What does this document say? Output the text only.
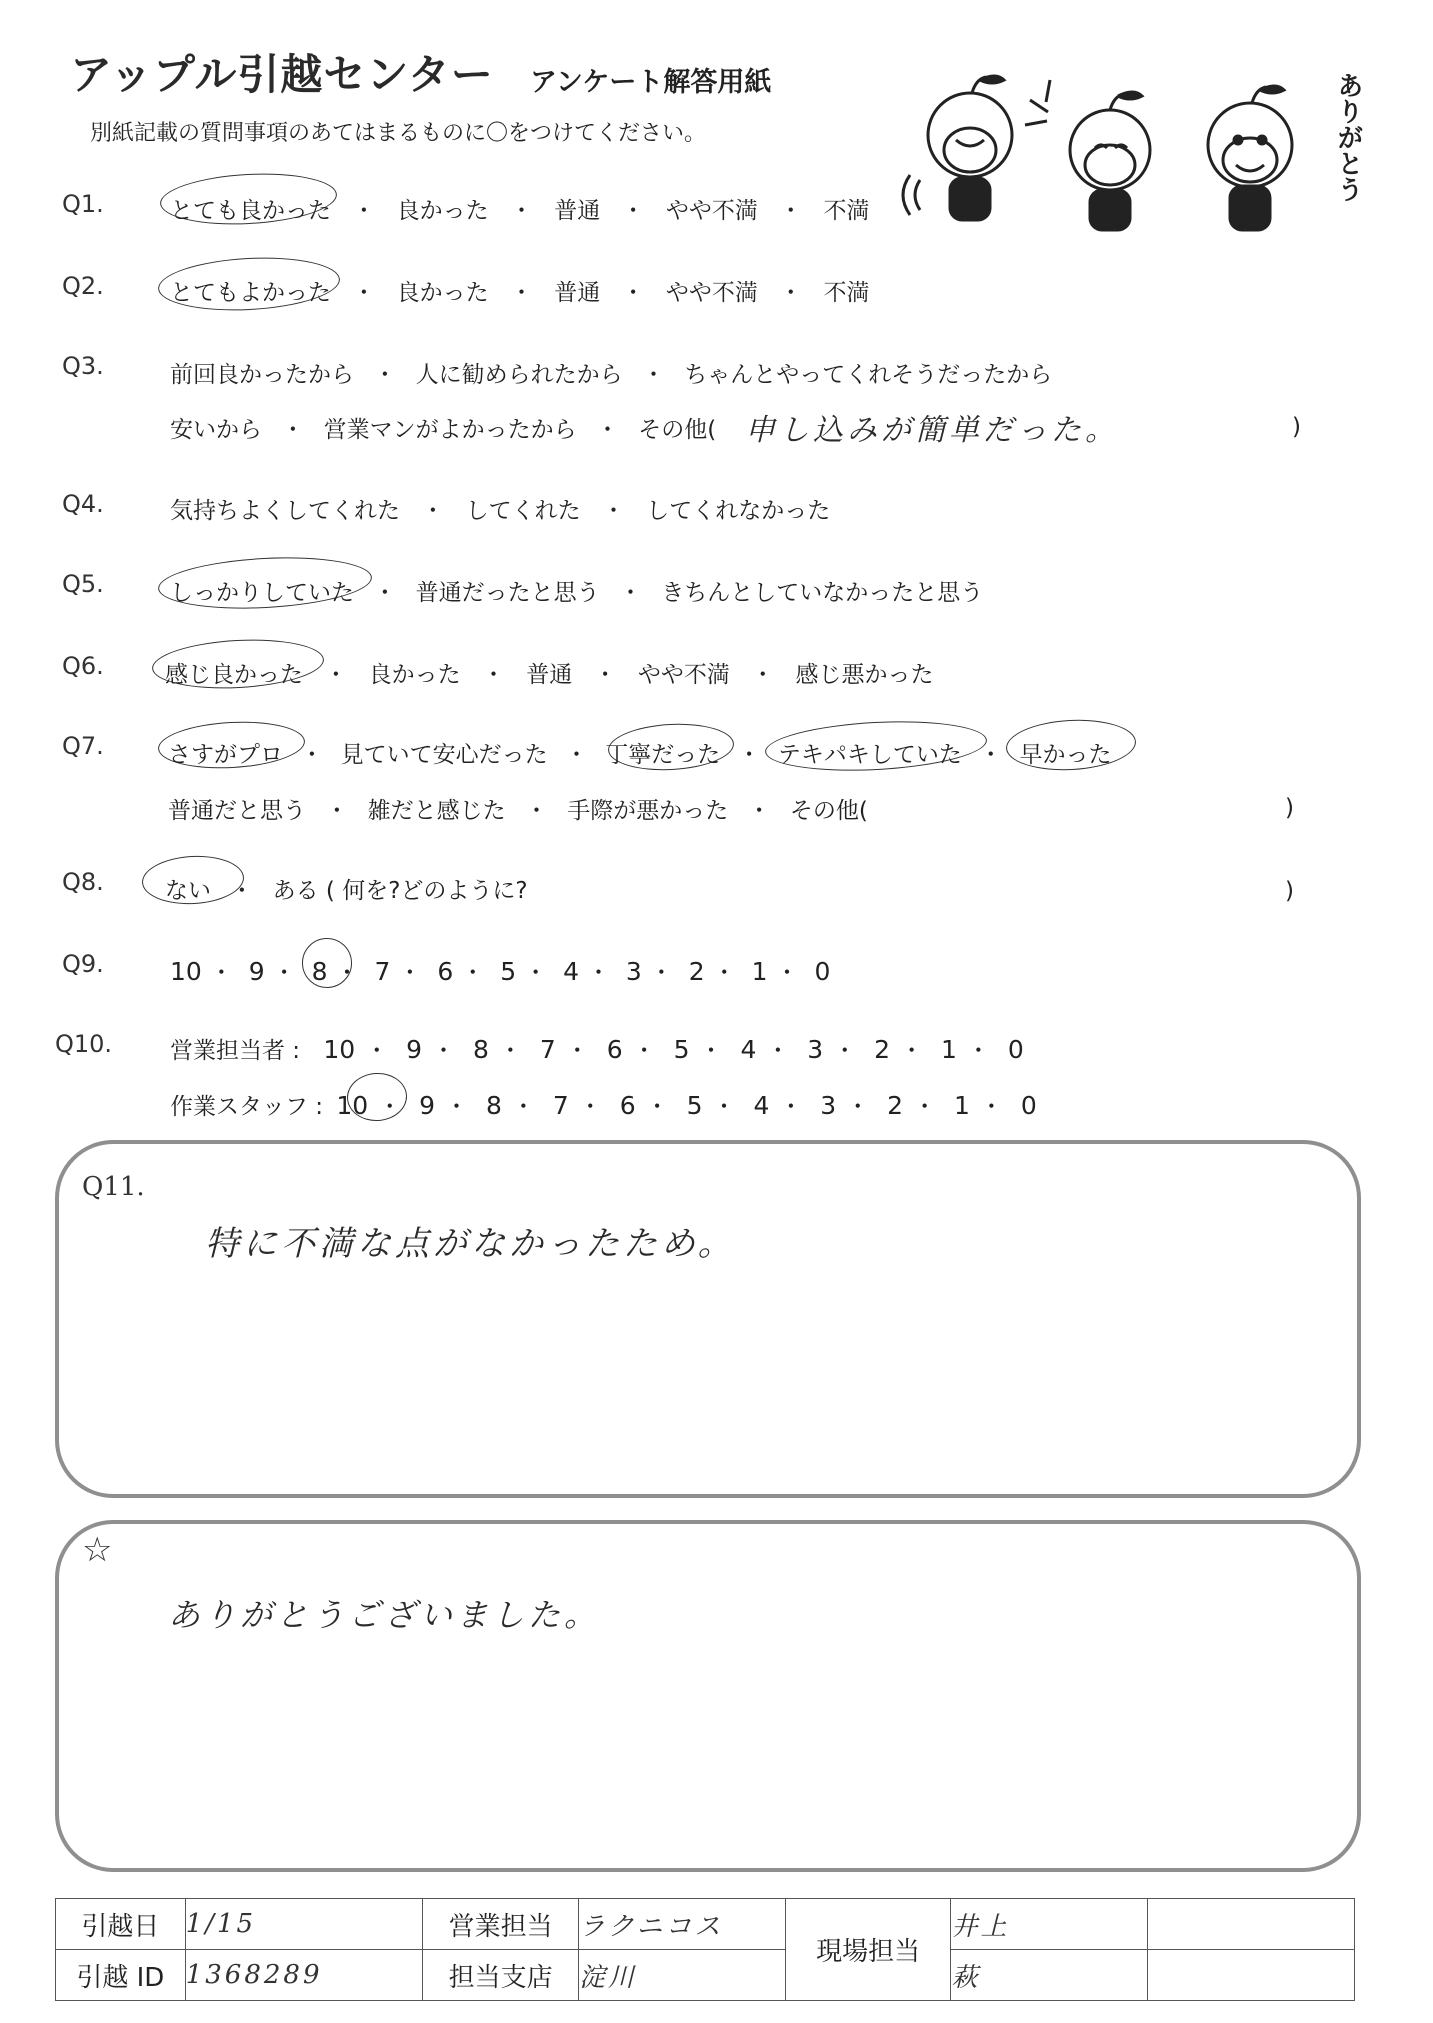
アップル引越センター アンケート解答用紙
別紙記載の質問事項のあてはまるものに〇をつけてください。	ありがとう
Q1.	とても良かった ・ 良かった ・ 普通 ・ やや不満 ・ 不満
Q2.	とてもよかった ・ 良かった ・ 普通 ・ やや不満 ・ 不満
Q3.	前回良かったから ・ 人に勧められたから ・ ちゃんとやってくれそうだったから
安いから ・ 営業マンがよかったから ・ その他( 申し込みが簡単だった。	)
Q4.	気持ちよくしてくれた ・ してくれた ・ してくれなかった
Q5.	しっかりしていた ・ 普通だったと思う ・ きちんとしていなかったと思う
Q6.	感じ良かった ・ 良かった ・ 普通 ・ やや不満 ・ 感じ悪かった
Q7.	さすがプロ ・ 見ていて安心だった ・ 丁寧だった ・ テキパキしていた ・ 早かった
普通だと思う ・ 雑だと感じた ・ 手際が悪かった ・ その他(	)
Q8.	ない ・ ある ( 何を?どのように?	)
Q9.	10 ・ 9 ・ 8 ・ 7 ・ 6 ・ 5 ・ 4 ・ 3 ・ 2 ・ 1 ・ 0
Q10.	営業担当者 : 10 ・ 9 ・ 8 ・ 7 ・ 6 ・ 5 ・ 4 ・ 3 ・ 2 ・ 1 ・ 0
作業スタッフ : 10 ・ 9 ・ 8 ・ 7 ・ 6 ・ 5 ・ 4 ・ 3 ・ 2 ・ 1 ・ 0
Q11.
特に不満な点がなかったため。
☆
ありがとうございました。
引越日	1/15	営業担当	ラクニコス	現場担当	井上	
引越 ID	1368289	担当支店	淀川		萩	
